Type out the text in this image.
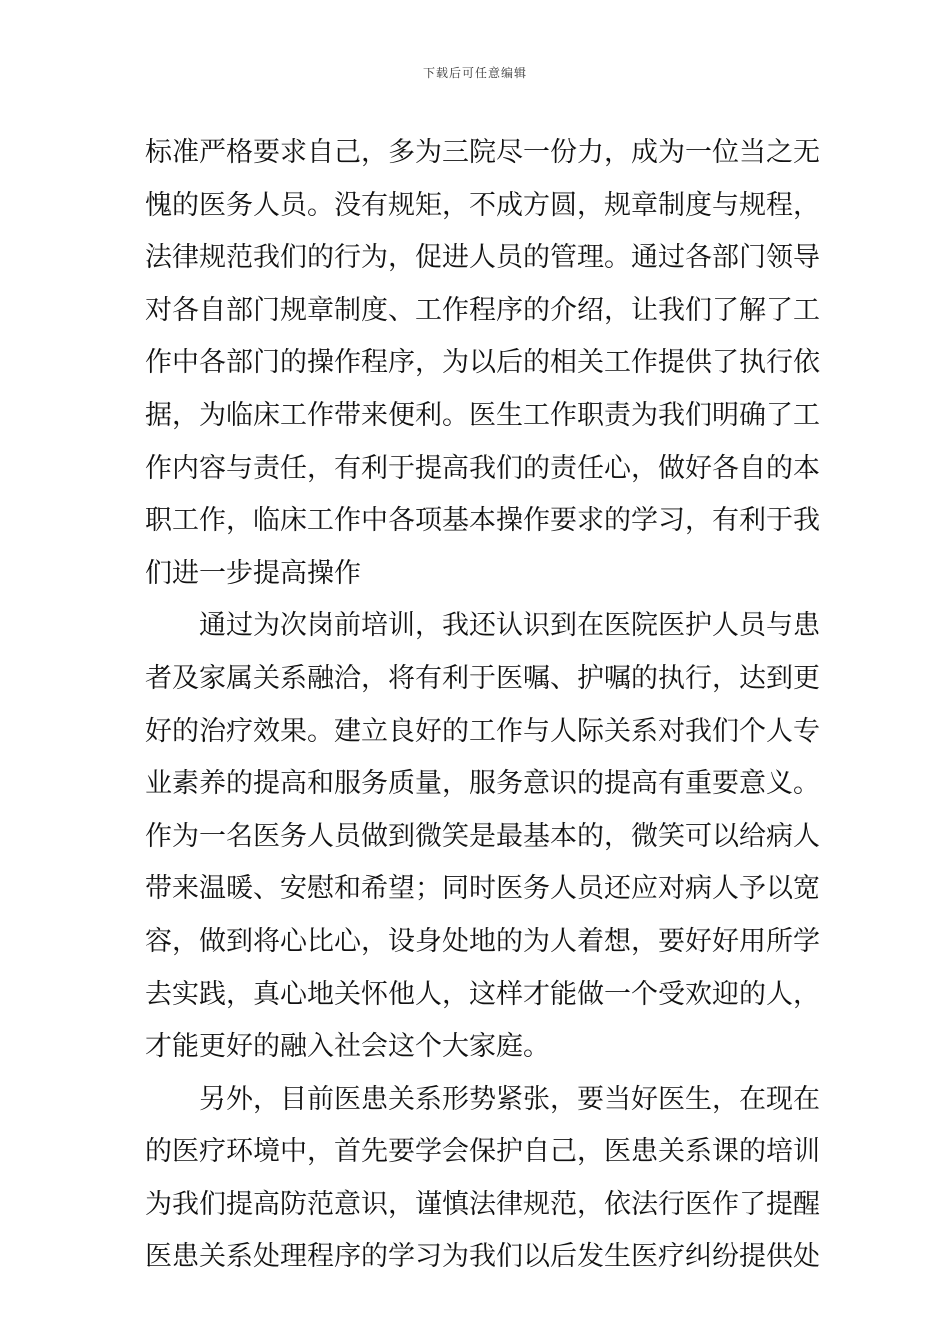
下载后可任意编辑
标准严格要求自己，多为三院尽一份力，成为一位当之无
愧的医务人员。没有规矩，不成方圆，规章制度与规程，
法律规范我们的行为，促进人员的管理。通过各部门领导
对各自部门规章制度、工作程序的介绍，让我们了解了工
作中各部门的操作程序，为以后的相关工作提供了执行依
据，为临床工作带来便利。医生工作职责为我们明确了工
作内容与责任，有利于提高我们的责任心，做好各自的本
职工作，临床工作中各项基本操作要求的学习，有利于我
们进一步提高操作
通过为次岗前培训，我还认识到在医院医护人员与患
者及家属关系融洽，将有利于医嘱、护嘱的执行，达到更
好的治疗效果。建立良好的工作与人际关系对我们个人专
业素养的提高和服务质量，服务意识的提高有重要意义。
作为一名医务人员做到微笑是最基本的，微笑可以给病人
带来温暖、安慰和希望；同时医务人员还应对病人予以宽
容，做到将心比心，设身处地的为人着想，要好好用所学
去实践，真心地关怀他人，这样才能做一个受欢迎的人，
才能更好的融入社会这个大家庭。
另外，目前医患关系形势紧张，要当好医生，在现在
的医疗环境中，首先要学会保护自己，医患关系课的培训
为我们提高防范意识，谨慎法律规范，依法行医作了提醒
医患关系处理程序的学习为我们以后发生医疗纠纷提供处
